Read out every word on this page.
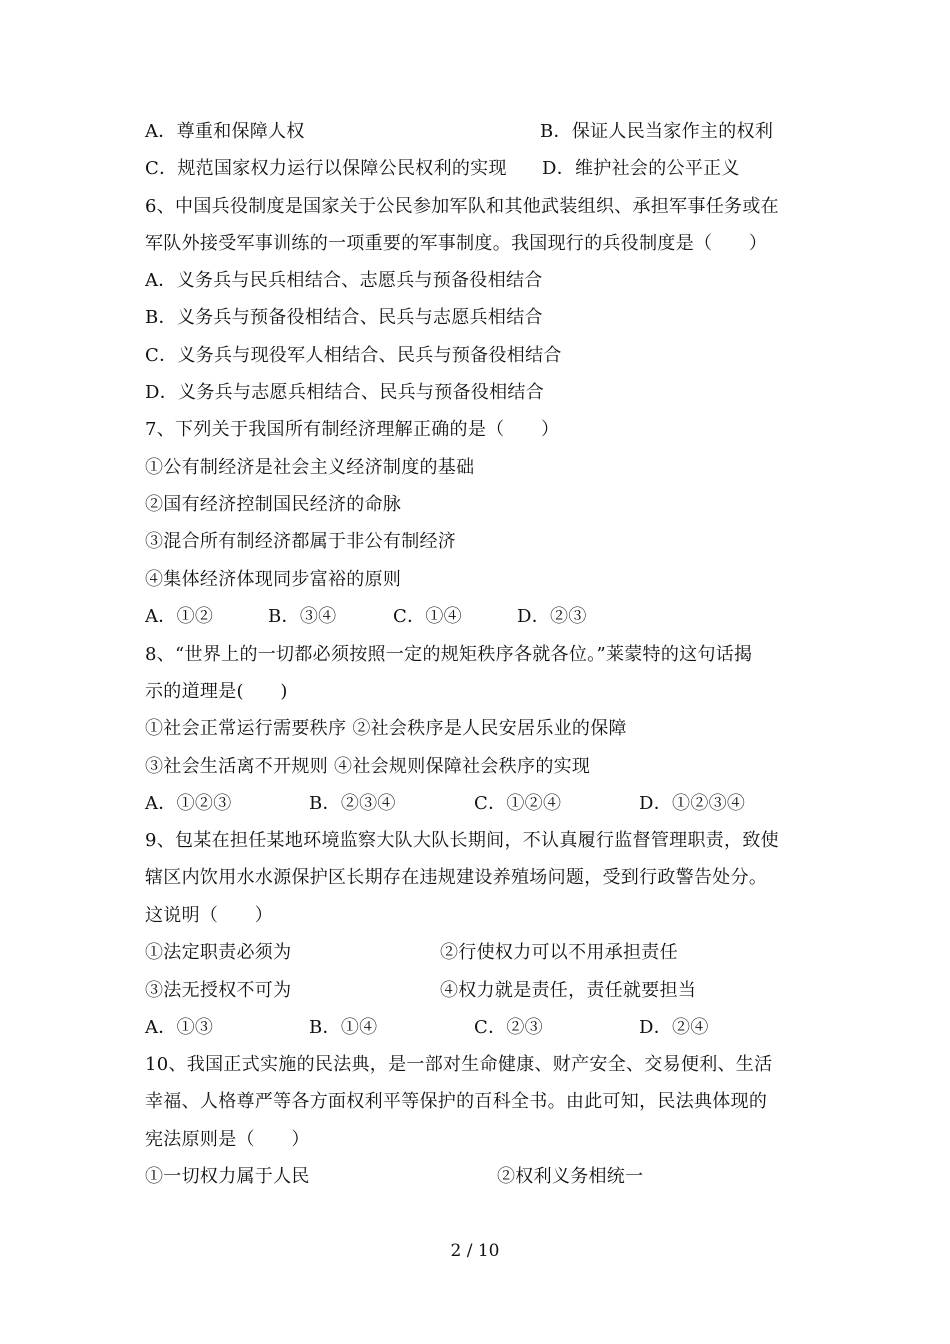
A．尊重和保障人权	B．保证人民当家作主的权利
C．规范国家权力运行以保障公民权利的实现 D．维护社会的公平正义
6、中国兵役制度是国家关于公民参加军队和其他武装组织、承担军事任务或在
军队外接受军事训练的一项重要的军事制度。我国现行的兵役制度是（　　）
A．义务兵与民兵相结合、志愿兵与预备役相结合
B．义务兵与预备役相结合、民兵与志愿兵相结合
C．义务兵与现役军人相结合、民兵与预备役相结合
D．义务兵与志愿兵相结合、民兵与预备役相结合
7、下列关于我国所有制经济理解正确的是（　　）
①公有制经济是社会主义经济制度的基础
②国有经济控制国民经济的命脉
③混合所有制经济都属于非公有制经济
④集体经济体现同步富裕的原则
A．①②	B．③④	C．①④	D．②③
8、“世界上的一切都必须按照一定的规矩秩序各就各位。”莱蒙特的这句话揭
示的道理是(　　)
①社会正常运行需要秩序 ②社会秩序是人民安居乐业的保障
③社会生活离不开规则 ④社会规则保障社会秩序的实现
A．①②③	B．②③④	C．①②④	D．①②③④
9、包某在担任某地环境监察大队大队长期间，不认真履行监督管理职责，致使
辖区内饮用水水源保护区长期存在违规建设养殖场问题，受到行政警告处分。
这说明（　　）
①法定职责必须为	②行使权力可以不用承担责任
③法无授权不可为	④权力就是责任，责任就要担当
A．①③	B．①④	C．②③	D．②④
10、我国正式实施的民法典，是一部对生命健康、财产安全、交易便利、生活
幸福、人格尊严等各方面权利平等保护的百科全书。由此可知，民法典体现的
宪法原则是（　　）
①一切权力属于人民	②权利义务相统一
2 / 10
